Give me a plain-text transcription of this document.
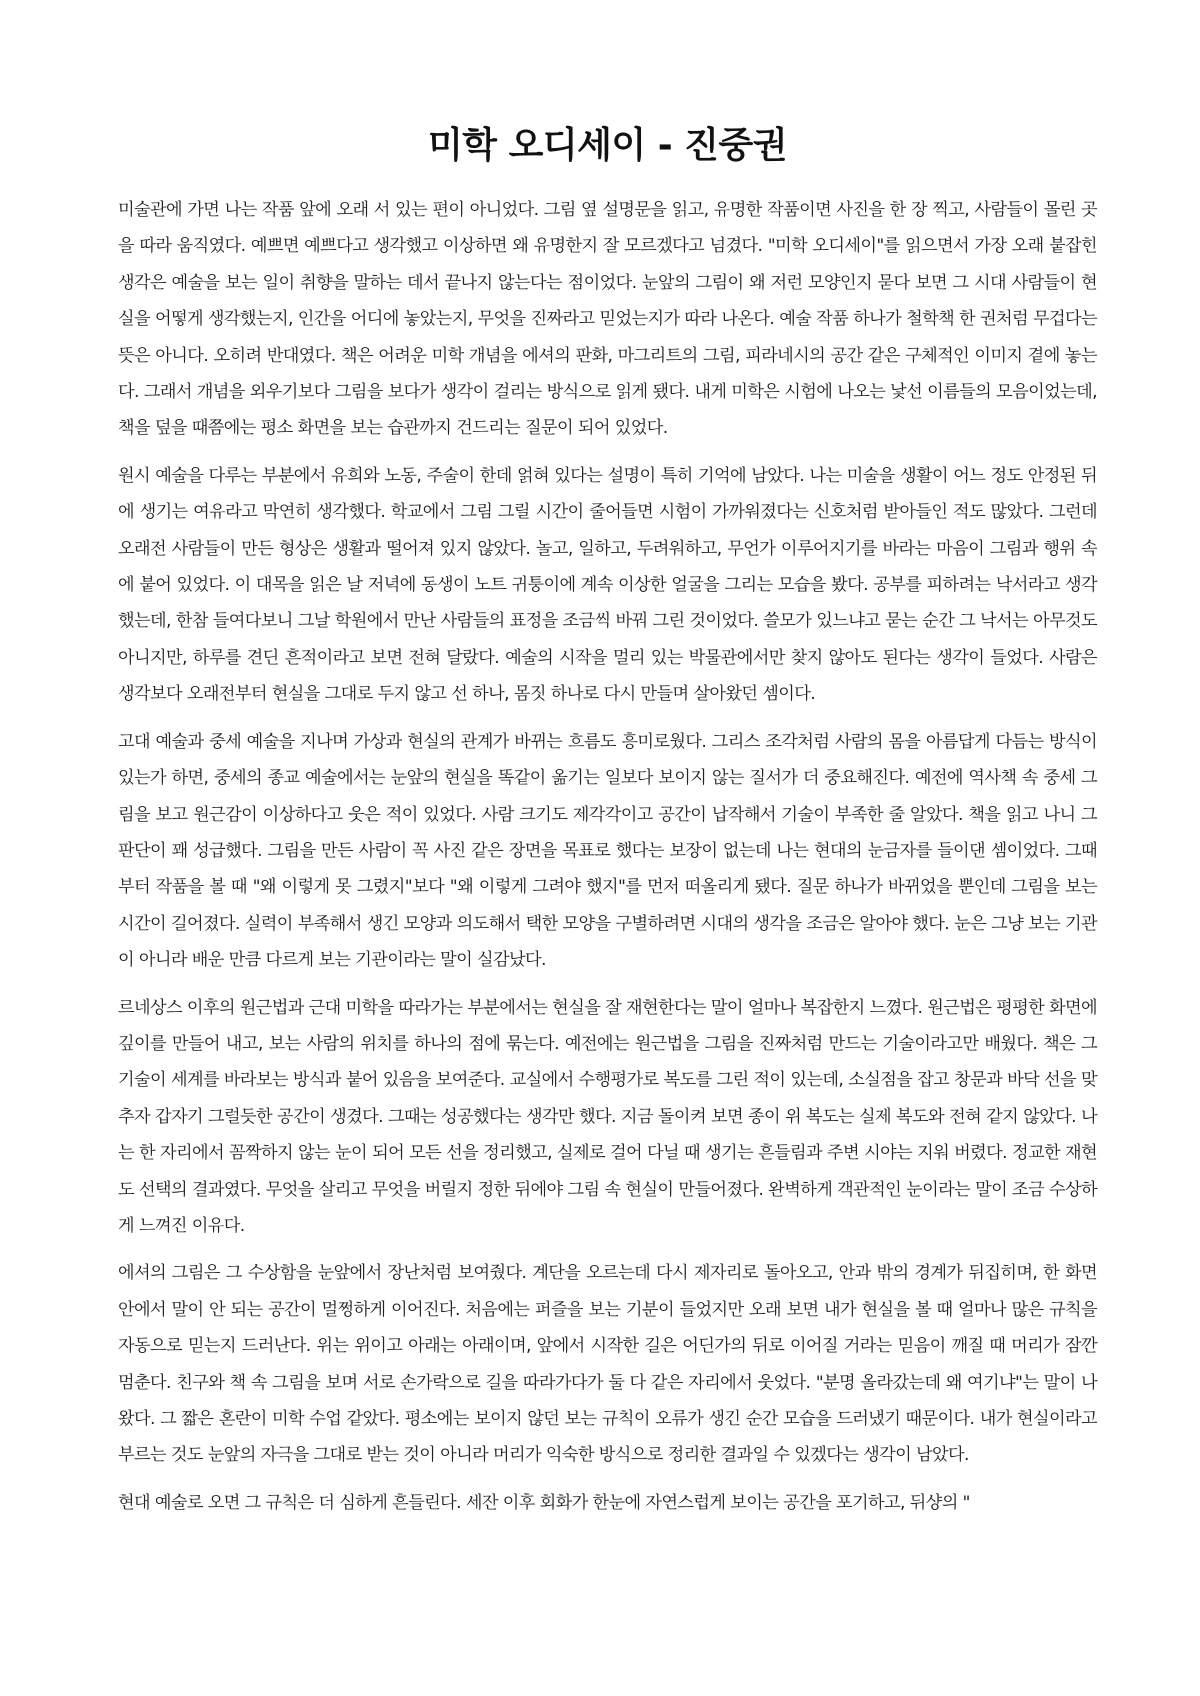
미학 오디세이 - 진중권

미술관에 가면 나는 작품 앞에 오래 서 있는 편이 아니었다. 그림 옆 설명문을 읽고, 유명한 작품이면 사진을 한 장 찍고, 사람들이 몰린 곳을 따라 움직였다. 예쁘면 예쁘다고 생각했고 이상하면 왜 유명한지 잘 모르겠다고 넘겼다. "미학 오디세이"를 읽으면서 가장 오래 붙잡힌 생각은 예술을 보는 일이 취향을 말하는 데서 끝나지 않는다는 점이었다. 눈앞의 그림이 왜 저런 모양인지 묻다 보면 그 시대 사람들이 현실을 어떻게 생각했는지, 인간을 어디에 놓았는지, 무엇을 진짜라고 믿었는지가 따라 나온다. 예술 작품 하나가 철학책 한 권처럼 무겁다는 뜻은 아니다. 오히려 반대였다. 책은 어려운 미학 개념을 에셔의 판화, 마그리트의 그림, 피라네시의 공간 같은 구체적인 이미지 곁에 놓는다. 그래서 개념을 외우기보다 그림을 보다가 생각이 걸리는 방식으로 읽게 됐다. 내게 미학은 시험에 나오는 낯선 이름들의 모음이었는데, 책을 덮을 때쯤에는 평소 화면을 보는 습관까지 건드리는 질문이 되어 있었다.

원시 예술을 다루는 부분에서 유희와 노동, 주술이 한데 얽혀 있다는 설명이 특히 기억에 남았다. 나는 미술을 생활이 어느 정도 안정된 뒤에 생기는 여유라고 막연히 생각했다. 학교에서 그림 그릴 시간이 줄어들면 시험이 가까워졌다는 신호처럼 받아들인 적도 많았다. 그런데 오래전 사람들이 만든 형상은 생활과 떨어져 있지 않았다. 놀고, 일하고, 두려워하고, 무언가 이루어지기를 바라는 마음이 그림과 행위 속에 붙어 있었다. 이 대목을 읽은 날 저녁에 동생이 노트 귀퉁이에 계속 이상한 얼굴을 그리는 모습을 봤다. 공부를 피하려는 낙서라고 생각했는데, 한참 들여다보니 그날 학원에서 만난 사람들의 표정을 조금씩 바꿔 그린 것이었다. 쓸모가 있느냐고 묻는 순간 그 낙서는 아무것도 아니지만, 하루를 견딘 흔적이라고 보면 전혀 달랐다. 예술의 시작을 멀리 있는 박물관에서만 찾지 않아도 된다는 생각이 들었다. 사람은 생각보다 오래전부터 현실을 그대로 두지 않고 선 하나, 몸짓 하나로 다시 만들며 살아왔던 셈이다.

고대 예술과 중세 예술을 지나며 가상과 현실의 관계가 바뀌는 흐름도 흥미로웠다. 그리스 조각처럼 사람의 몸을 아름답게 다듬는 방식이 있는가 하면, 중세의 종교 예술에서는 눈앞의 현실을 똑같이 옮기는 일보다 보이지 않는 질서가 더 중요해진다. 예전에 역사책 속 중세 그림을 보고 원근감이 이상하다고 웃은 적이 있었다. 사람 크기도 제각각이고 공간이 납작해서 기술이 부족한 줄 알았다. 책을 읽고 나니 그 판단이 꽤 성급했다. 그림을 만든 사람이 꼭 사진 같은 장면을 목표로 했다는 보장이 없는데 나는 현대의 눈금자를 들이댄 셈이었다. 그때부터 작품을 볼 때 "왜 이렇게 못 그렸지"보다 "왜 이렇게 그려야 했지"를 먼저 떠올리게 됐다. 질문 하나가 바뀌었을 뿐인데 그림을 보는 시간이 길어졌다. 실력이 부족해서 생긴 모양과 의도해서 택한 모양을 구별하려면 시대의 생각을 조금은 알아야 했다. 눈은 그냥 보는 기관이 아니라 배운 만큼 다르게 보는 기관이라는 말이 실감났다.

르네상스 이후의 원근법과 근대 미학을 따라가는 부분에서는 현실을 잘 재현한다는 말이 얼마나 복잡한지 느꼈다. 원근법은 평평한 화면에 깊이를 만들어 내고, 보는 사람의 위치를 하나의 점에 묶는다. 예전에는 원근법을 그림을 진짜처럼 만드는 기술이라고만 배웠다. 책은 그 기술이 세계를 바라보는 방식과 붙어 있음을 보여준다. 교실에서 수행평가로 복도를 그린 적이 있는데, 소실점을 잡고 창문과 바닥 선을 맞추자 갑자기 그럴듯한 공간이 생겼다. 그때는 성공했다는 생각만 했다. 지금 돌이켜 보면 종이 위 복도는 실제 복도와 전혀 같지 않았다. 나는 한 자리에서 꼼짝하지 않는 눈이 되어 모든 선을 정리했고, 실제로 걸어 다닐 때 생기는 흔들림과 주변 시야는 지워 버렸다. 정교한 재현도 선택의 결과였다. 무엇을 살리고 무엇을 버릴지 정한 뒤에야 그림 속 현실이 만들어졌다. 완벽하게 객관적인 눈이라는 말이 조금 수상하게 느껴진 이유다.

에셔의 그림은 그 수상함을 눈앞에서 장난처럼 보여줬다. 계단을 오르는데 다시 제자리로 돌아오고, 안과 밖의 경계가 뒤집히며, 한 화면 안에서 말이 안 되는 공간이 멀쩡하게 이어진다. 처음에는 퍼즐을 보는 기분이 들었지만 오래 보면 내가 현실을 볼 때 얼마나 많은 규칙을 자동으로 믿는지 드러난다. 위는 위이고 아래는 아래이며, 앞에서 시작한 길은 어딘가의 뒤로 이어질 거라는 믿음이 깨질 때 머리가 잠깐 멈춘다. 친구와 책 속 그림을 보며 서로 손가락으로 길을 따라가다가 둘 다 같은 자리에서 웃었다. "분명 올라갔는데 왜 여기냐"는 말이 나왔다. 그 짧은 혼란이 미학 수업 같았다. 평소에는 보이지 않던 보는 규칙이 오류가 생긴 순간 모습을 드러냈기 때문이다. 내가 현실이라고 부르는 것도 눈앞의 자극을 그대로 받는 것이 아니라 머리가 익숙한 방식으로 정리한 결과일 수 있겠다는 생각이 남았다.

현대 예술로 오면 그 규칙은 더 심하게 흔들린다. 세잔 이후 회화가 한눈에 자연스럽게 보이는 공간을 포기하고, 뒤샹의 "
